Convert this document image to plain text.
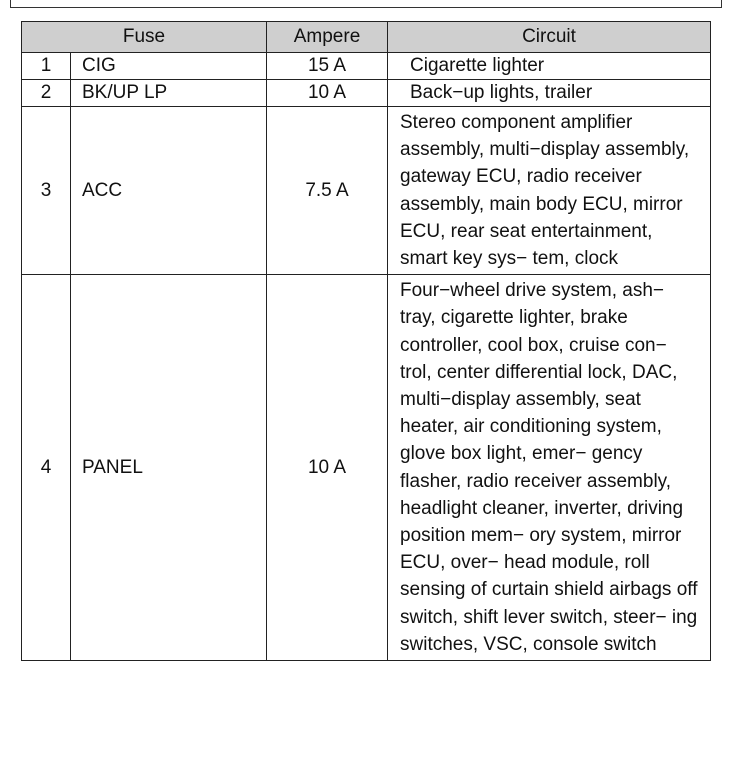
Fuse		Ampere	Circuit
1	CIG	15 A	Cigarette lighter
2	BK/UP LP	10 A	Back−up lights, trailer
3	ACC	7.5 A	Stereo component amplifier assembly, multi−display assembly, gateway ECU, radio receiver assembly, main body ECU, mirror ECU, rear seat entertainment, smart key sys− tem, clock
4	PANEL	10 A	Four−wheel drive system, ash− tray, cigarette lighter, brake controller, cool box, cruise con− trol, center differential lock, DAC, multi−display assembly, seat heater, air conditioning system, glove box light, emer− gency flasher, radio receiver assembly, headlight cleaner, inverter, driving position mem− ory system, mirror ECU, over− head module, roll sensing of curtain shield airbags off switch, shift lever switch, steer− ing switches, VSC, console switch
